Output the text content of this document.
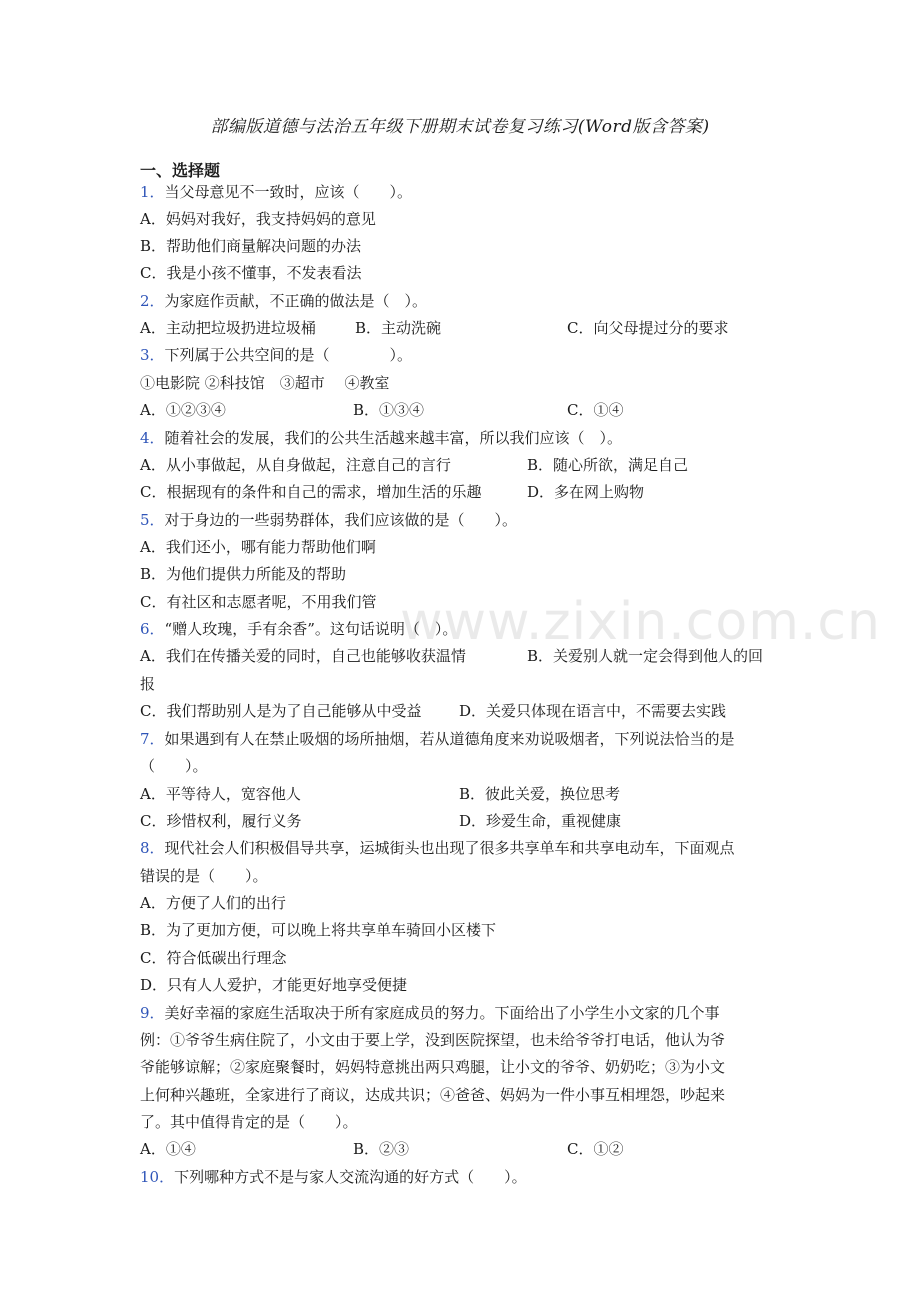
www.zixin.com.cn
部编版道德与法治五年级下册期末试卷复习练习(Word版含答案)
一、选择题
1．当父母意见不一致时，应该（　　）。
A．妈妈对我好，我支持妈妈的意见
B．帮助他们商量解决问题的办法
C．我是小孩不懂事，不发表看法
2．为家庭作贡献，不正确的做法是（　）。
A．主动把垃圾扔进垃圾桶	B．主动洗碗	C．向父母提过分的要求
3．下列属于公共空间的是（　　　　）。
①电影院 ②科技馆　③超市　 ④教室
A．①②③④	B．①③④	C．①④
4．随着社会的发展，我们的公共生活越来越丰富，所以我们应该（　）。
A．从小事做起，从自身做起，注意自己的言行	B．随心所欲，满足自己
C．根据现有的条件和自己的需求，增加生活的乐趣	D．多在网上购物
5．对于身边的一些弱势群体，我们应该做的是（　　）。
A．我们还小，哪有能力帮助他们啊
B．为他们提供力所能及的帮助
C．有社区和志愿者呢，不用我们管
6．“赠人玫瑰，手有余香”。这句话说明（　）。
A．我们在传播关爱的同时，自己也能够收获温情	B．关爱别人就一定会得到他人的回
报
C．我们帮助别人是为了自己能够从中受益	D．关爱只体现在语言中，不需要去实践
7．如果遇到有人在禁止吸烟的场所抽烟，若从道德角度来劝说吸烟者，下列说法恰当的是
（　　）。
A．平等待人，宽容他人	B．彼此关爱，换位思考
C．珍惜权利，履行义务	D．珍爱生命，重视健康
8．现代社会人们积极倡导共享，运城街头也出现了很多共享单车和共享电动车，下面观点
错误的是（　　）。
A．方便了人们的出行
B．为了更加方便，可以晚上将共享单车骑回小区楼下
C．符合低碳出行理念
D．只有人人爱护，才能更好地享受便捷
9．美好幸福的家庭生活取决于所有家庭成员的努力。下面给出了小学生小文家的几个事
例：①爷爷生病住院了，小文由于要上学，没到医院探望，也未给爷爷打电话，他认为爷
爷能够谅解；②家庭聚餐时，妈妈特意挑出两只鸡腿，让小文的爷爷、奶奶吃；③为小文
上何种兴趣班，全家进行了商议，达成共识；④爸爸、妈妈为一件小事互相埋怨，吵起来
了。其中值得肯定的是（　　）。
A．①④	B．②③	C．①②
10．下列哪种方式不是与家人交流沟通的好方式（　　）。
